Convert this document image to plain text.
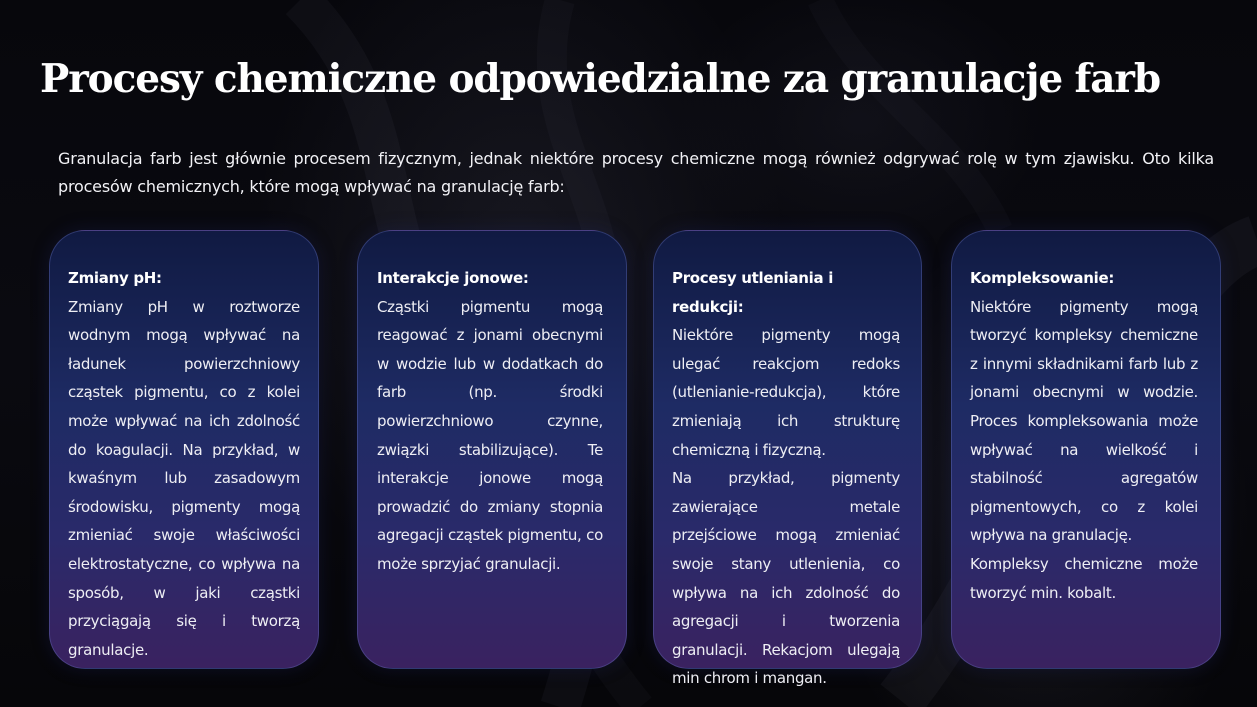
Procesy chemiczne odpowiedzialne za granulacje farb

Granulacja farb jest głównie procesem fizycznym, jednak niektóre procesy chemiczne mogą również odgrywać rolę w tym zjawisku. Oto kilka procesów chemicznych, które mogą wpływać na granulację farb:

Zmiany pH:

Zmiany pH w roztworze wodnym mogą wpływać na ładunek powierzchniowy cząstek pigmentu, co z kolei może wpływać na ich zdolność do koagulacji. Na przykład, w kwaśnym lub zasadowym środowisku, pigmenty mogą zmieniać swoje właściwości elektrostatyczne, co wpływa na sposób, w jaki cząstki przyciągają się i tworzą granulacje.

Interakcje jonowe:

Cząstki pigmentu mogą reagować z jonami obecnymi w wodzie lub w dodatkach do farb (np. środki powierzchniowo czynne, związki stabilizujące). Te interakcje jonowe mogą prowadzić do zmiany stopnia agregacji cząstek pigmentu, co może sprzyjać granulacji.

Procesy utleniania i redukcji:

Niektóre pigmenty mogą ulegać reakcjom redoks (utlenianie-redukcja), które zmieniają ich strukturę chemiczną i fizyczną.

Na przykład, pigmenty zawierające metale przejściowe mogą zmieniać swoje stany utlenienia, co wpływa na ich zdolność do agregacji i tworzenia granulacji. Rekacjom ulegają min chrom i mangan.

Kompleksowanie:

Niektóre pigmenty mogą tworzyć kompleksy chemiczne z innymi składnikami farb lub z jonami obecnymi w wodzie. Proces kompleksowania może wpływać na wielkość i stabilność agregatów pigmentowych, co z kolei wpływa na granulację.

Kompleksy chemiczne może tworzyć min. kobalt.
